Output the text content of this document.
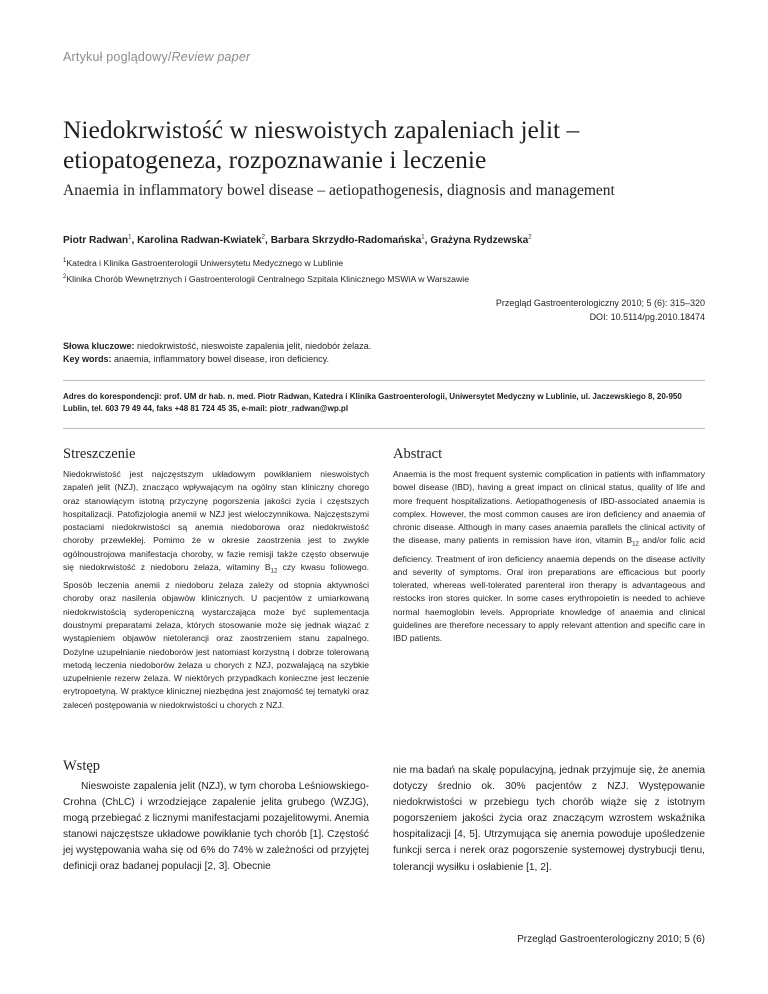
Artykuł poglądowy/Review paper
Niedokrwistość w nieswoistych zapaleniach jelit – etiopatogeneza, rozpoznawanie i leczenie
Anaemia in inflammatory bowel disease – aetiopathogenesis, diagnosis and management
Piotr Radwan$^1$, Karolina Radwan-Kwiatek$^2$, Barbara Skrzydło-Radomańska$^1$, Grażyna Rydzewska$^2$
$^1$Katedra i Klinika Gastroenterologii Uniwersytetu Medycznego w Lublinie
$^2$Klinika Chorób Wewnętrznych i Gastroenterologii Centralnego Szpitala Klinicznego MSWiA w Warszawie
Przegląd Gastroenterologiczny 2010; 5 (6): 315–320
DOI: 10.5114/pg.2010.18474
Słowa kluczowe: niedokrwistość, nieswoiste zapalenia jelit, niedobór żelaza.
Key words: anaemia, inflammatory bowel disease, iron deficiency.
Adres do korespondencji: prof. UM dr hab. n. med. Piotr Radwan, Katedra i Klinika Gastroenterologii, Uniwersytet Medyczny w Lublinie, ul. Jaczewskiego 8, 20-950 Lublin, tel. 603 79 49 44, faks +48 81 724 45 35, e-mail: piotr_radwan@wp.pl
Streszczenie
Niedokrwistość jest najczęstszym układowym powikłaniem nieswoistych zapaleń jelit (NZJ), znacząco wpływającym na ogólny stan kliniczny chorego oraz stanowiącym istotną przyczynę pogorszenia jakości życia i częstszych hospitalizacji. Patofizjologia anemii w NZJ jest wieloczynnikowa. Najczęstszymi postaciami niedokrwistości są anemia niedoborowa oraz niedokrwistość choroby przewlekłej. Pomimo że w okresie zaostrzenia jest to zwykle ogólnoustrojowa manifestacja choroby, w fazie remisji także często obserwuje się niedokrwistość z niedoboru żelaza, witaminy $B_{12}$ czy kwasu foliowego. Sposób leczenia anemii z niedoboru żelaza zależy od stopnia aktywności choroby oraz nasilenia objawów klinicznych. U pacjentów z umiarkowaną niedokrwistością syderopeniczną wystarczająca może być suplementacja doustnymi preparatami żelaza, których stosowanie może się jednak wiązać z wystąpieniem objawów nietolerancji oraz zaostrzeniem stanu zapalnego. Dożylne uzupełnianie niedoborów jest natomiast korzystną i dobrze tolerowaną metodą leczenia niedoborów żelaza u chorych z NZJ, pozwalającą na szybkie uzupełnienie rezerw żelaza. W niektórych przypadkach konieczne jest leczenie erytropoetyną. W praktyce klinicznej niezbędna jest znajomość tej tematyki oraz zaleceń postępowania w niedokrwistości u chorych z NZJ.
Abstract
Anaemia is the most frequent systemic complication in patients with inflammatory bowel disease (IBD), having a great impact on clinical status, quality of life and more frequent hospitalizations. Aetiopathogenesis of IBD-associated anaemia is complex. However, the most common causes are iron deficiency and anaemia of chronic disease. Although in many cases anaemia parallels the clinical activity of the disease, many patients in remission have iron, vitamin $B_{12}$ and/or folic acid deficiency. Treatment of iron deficiency anaemia depends on the disease activity and severity of symptoms. Oral iron preparations are efficacious but poorly tolerated, whereas well-tolerated parenteral iron therapy is advantageous and restocks iron stores quicker. In some cases erythropoietin is needed to achieve normal haemoglobin levels. Appropriate knowledge of anaemia and clinical guidelines are therefore necessary to apply relevant attention and specific care in IBD patients.
Wstęp
Nieswoiste zapalenia jelit (NZJ), w tym choroba Leśniowskiego-Crohna (ChLC) i wrzodziejące zapalenie jelita grubego (WZJG), mogą przebiegać z licznymi manifestacjami pozajelitowymi. Anemia stanowi najczęstsze układowe powikłanie tych chorób [1]. Częstość jej występowania waha się od 6% do 74% w zależności od przyjętej definicji oraz badanej populacji [2, 3]. Obecnie
nie ma badań na skalę populacyjną, jednak przyjmuje się, że anemia dotyczy średnio ok. 30% pacjentów z NZJ. Występowanie niedokrwistości w przebiegu tych chorób wiąże się z istotnym pogorszeniem jakości życia oraz znaczącym wzrostem wskaźnika hospitalizacji [4, 5]. Utrzymująca się anemia powoduje upośledzenie funkcji serca i nerek oraz pogorszenie systemowej dystrybucji tlenu, tolerancji wysiłku i osłabienie [1, 2].
Przegląd Gastroenterologiczny 2010; 5 (6)
